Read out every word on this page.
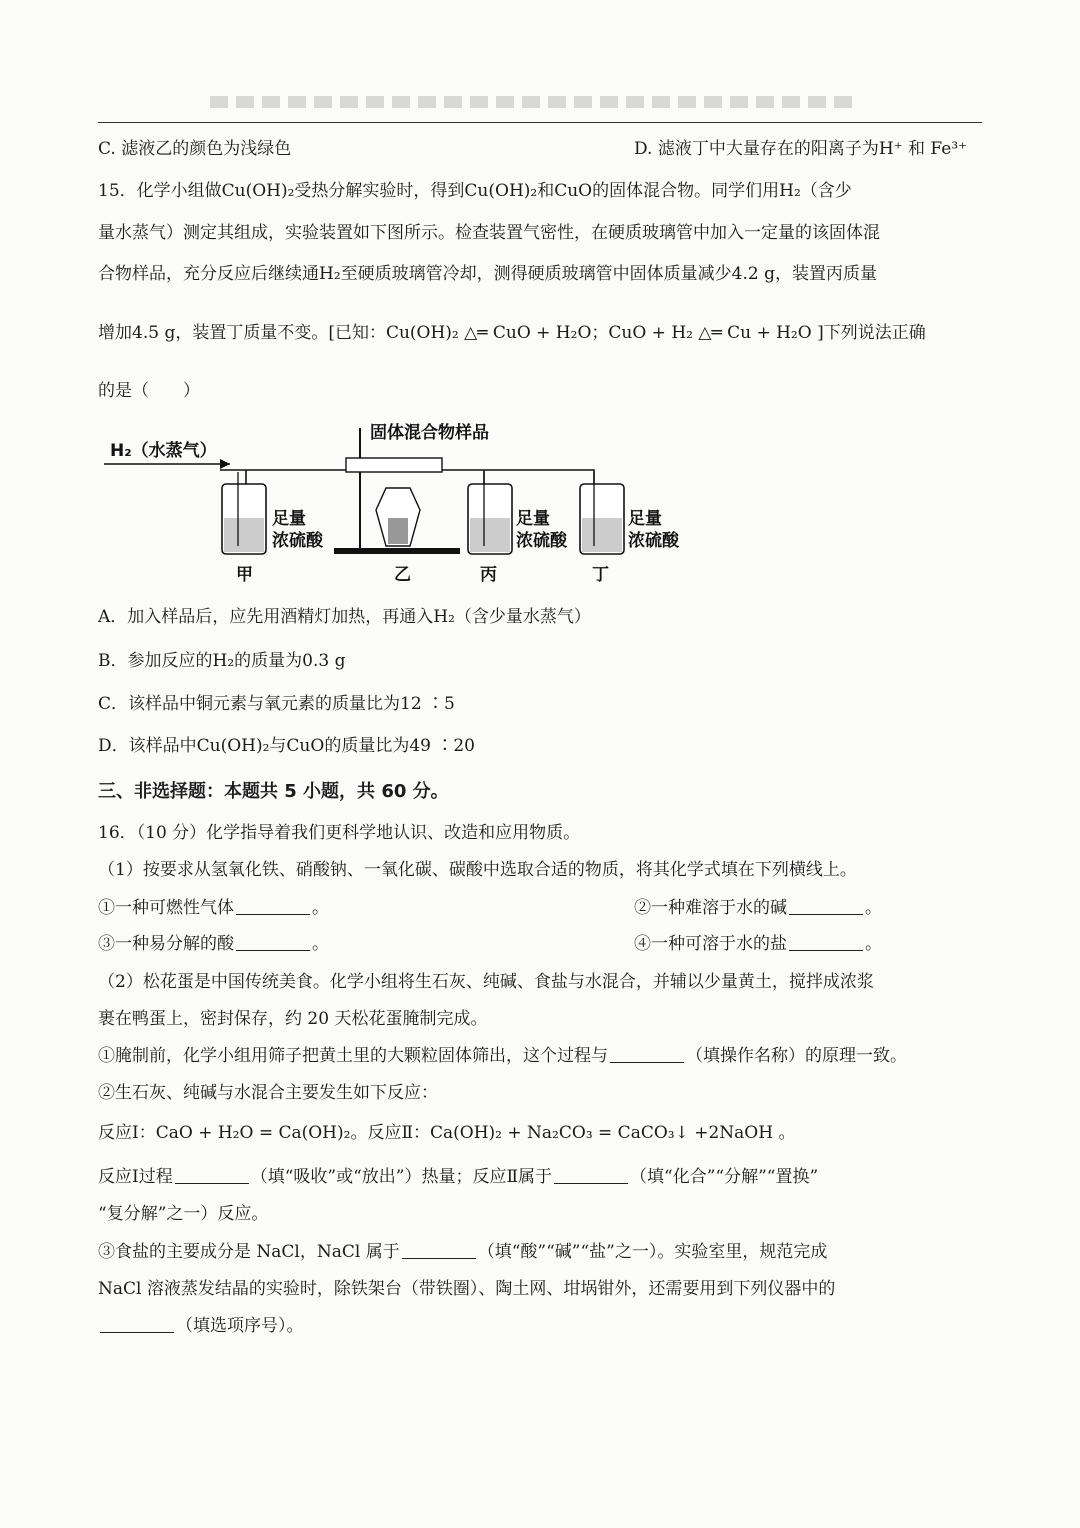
C. 滤液乙的颜色为浅绿色	D. 滤液丁中大量存在的阳离子为H⁺ 和 Fe³⁺
15．化学小组做Cu(OH)₂受热分解实验时，得到Cu(OH)₂和CuO的固体混合物。同学们用H₂（含少
量水蒸气）测定其组成，实验装置如下图所示。检查装置气密性，在硬质玻璃管中加入一定量的该固体混
合物样品，充分反应后继续通H₂至硬质玻璃管冷却，测得硬质玻璃管中固体质量减少4.2 g，装置丙质量
增加4.5 g，装置丁质量不变。[已知：Cu(OH)₂ △═ CuO + H₂O；CuO + H₂ △═ Cu + H₂O ]下列说法正确
的是（　　）
H₂（水蒸气）
足量
浓硫酸
固体混合物样品
足量
浓硫酸
足量
浓硫酸
甲	乙	丙	丁
A．加入样品后，应先用酒精灯加热，再通入H₂（含少量水蒸气）
B．参加反应的H₂的质量为0.3 g
C．该样品中铜元素与氧元素的质量比为12 ∶5
D．该样品中Cu(OH)₂与CuO的质量比为49 ∶20
三、非选择题：本题共 5 小题，共 60 分。
16．（10 分）化学指导着我们更科学地认识、改造和应用物质。
（1）按要求从氢氧化铁、硝酸钠、一氧化碳、碳酸中选取合适的物质，将其化学式填在下列横线上。
①一种可燃性气体	。	②一种难溶于水的碱	。
③一种易分解的酸	。	④一种可溶于水的盐	。
（2）松花蛋是中国传统美食。化学小组将生石灰、纯碱、食盐与水混合，并辅以少量黄土，搅拌成浓浆
裹在鸭蛋上，密封保存，约 20 天松花蛋腌制完成。
①腌制前，化学小组用筛子把黄土里的大颗粒固体筛出，这个过程与	（填操作名称）的原理一致。
②生石灰、纯碱与水混合主要发生如下反应：
反应Ⅰ：CaO + H₂O = Ca(OH)₂。反应Ⅱ：Ca(OH)₂ + Na₂CO₃ = CaCO₃↓ +2NaOH 。
反应Ⅰ过程	（填“吸收”或“放出”）热量；反应Ⅱ属于	（填“化合”“分解”“置换”
“复分解”之一）反应。
③食盐的主要成分是 NaCl，NaCl 属于	（填“酸”“碱”“盐”之一）。实验室里，规范完成
NaCl 溶液蒸发结晶的实验时，除铁架台（带铁圈）、陶土网、坩埚钳外，还需要用到下列仪器中的
（填选项序号）。
